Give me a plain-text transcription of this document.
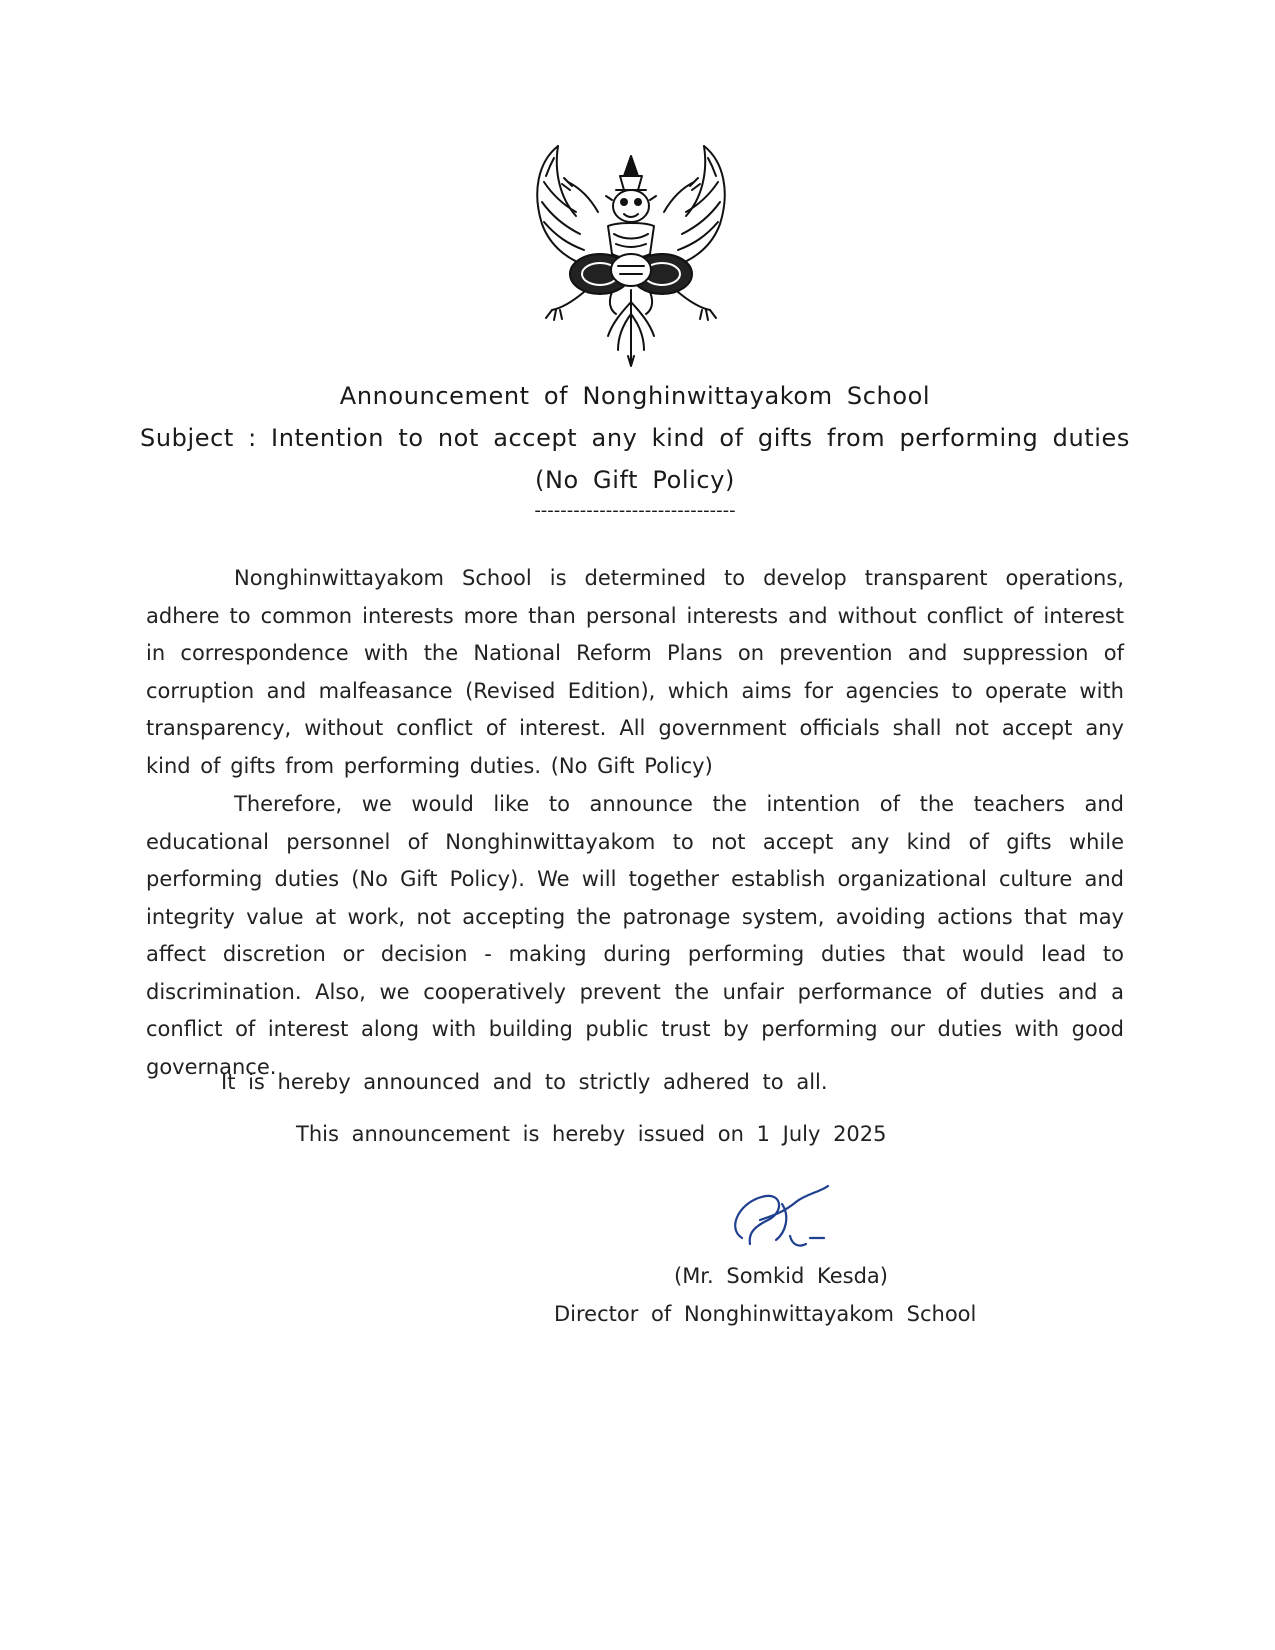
Announcement of Nonghinwittayakom School
Subject : Intention to not accept any kind of gifts from performing duties
(No Gift Policy)
-------------------------------
Nonghinwittayakom School is determined to develop transparent operations, adhere to common interests more than personal interests and without conflict of interest in correspondence with the National Reform Plans on prevention and suppression of corruption and malfeasance (Revised Edition), which aims for agencies to operate with transparency, without conflict of interest. All government officials shall not accept any kind of gifts from performing duties. (No Gift Policy)
Therefore, we would like to announce the intention of the teachers and educational personnel of Nonghinwittayakom to not accept any kind of gifts while performing duties (No Gift Policy). We will together establish organizational culture and integrity value at work, not accepting the patronage system, avoiding actions that may affect discretion or decision - making during performing duties that would lead to discrimination. Also, we cooperatively prevent the unfair performance of duties and a conflict of interest along with building public trust by performing our duties with good governance.
It is hereby announced and to strictly adhered to all.
This announcement is hereby issued on 1 July 2025
(Mr. Somkid Kesda)
Director of Nonghinwittayakom School
